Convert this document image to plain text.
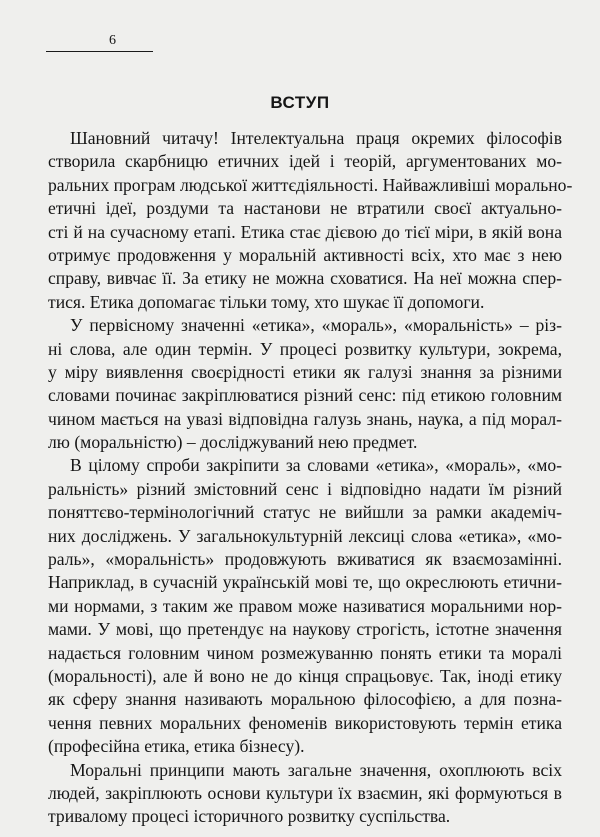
6
ВСТУП

Шановний читачу! Інтелектуальна праця окремих філософів
створила скарбницю етичних ідей і теорій, аргументованих мо-
ральних програм людської життєдіяльності. Найважливіші морально-
етичні ідеї, роздуми та настанови не втратили своєї актуально-
сті й на сучасному етапі. Етика стає дієвою до тієї міри, в якій вона
отримує продовження у моральній активності всіх, хто має з нею
справу, вивчає її. За етику не можна сховатися. На неї можна спер-
тися. Етика допомагає тільки тому, хто шукає її допомоги.

У первісному значенні «етика», «мораль», «моральність» – різ-
ні слова, але один термін. У процесі розвитку культури, зокрема,
у міру виявлення своєрідності етики як галузі знання за різними
словами починає закріплюватися різний сенс: під етикою головним
чином мається на увазі відповідна галузь знань, наука, а під морал-
лю (моральністю) – досліджуваний нею предмет.

В цілому спроби закріпити за словами «етика», «мораль», «мо-
ральність» різний змістовний сенс і відповідно надати їм різний
поняттєво-термінологічний статус не вийшли за рамки академіч-
них досліджень. У загальнокультурній лексиці слова «етика», «мо-
раль», «моральність» продовжують вживатися як взаємозамінні.
Наприклад, в сучасній українській мові те, що окреслюють етични-
ми нормами, з таким же правом може називатися моральними нор-
мами. У мові, що претендує на наукову строгість, істотне значення
надається головним чином розмежуванню понять етики та моралі
(моральності), але й воно не до кінця спрацьовує. Так, іноді етику
як сферу знання називають моральною філософією, а для позна-
чення певних моральних феноменів використовують термін етика
(професійна етика, етика бізнесу).

Моральні принципи мають загальне значення, охоплюють всіх
людей, закріплюють основи культури їх взаємин, які формуються в
тривалому процесі історичного розвитку суспільства.
